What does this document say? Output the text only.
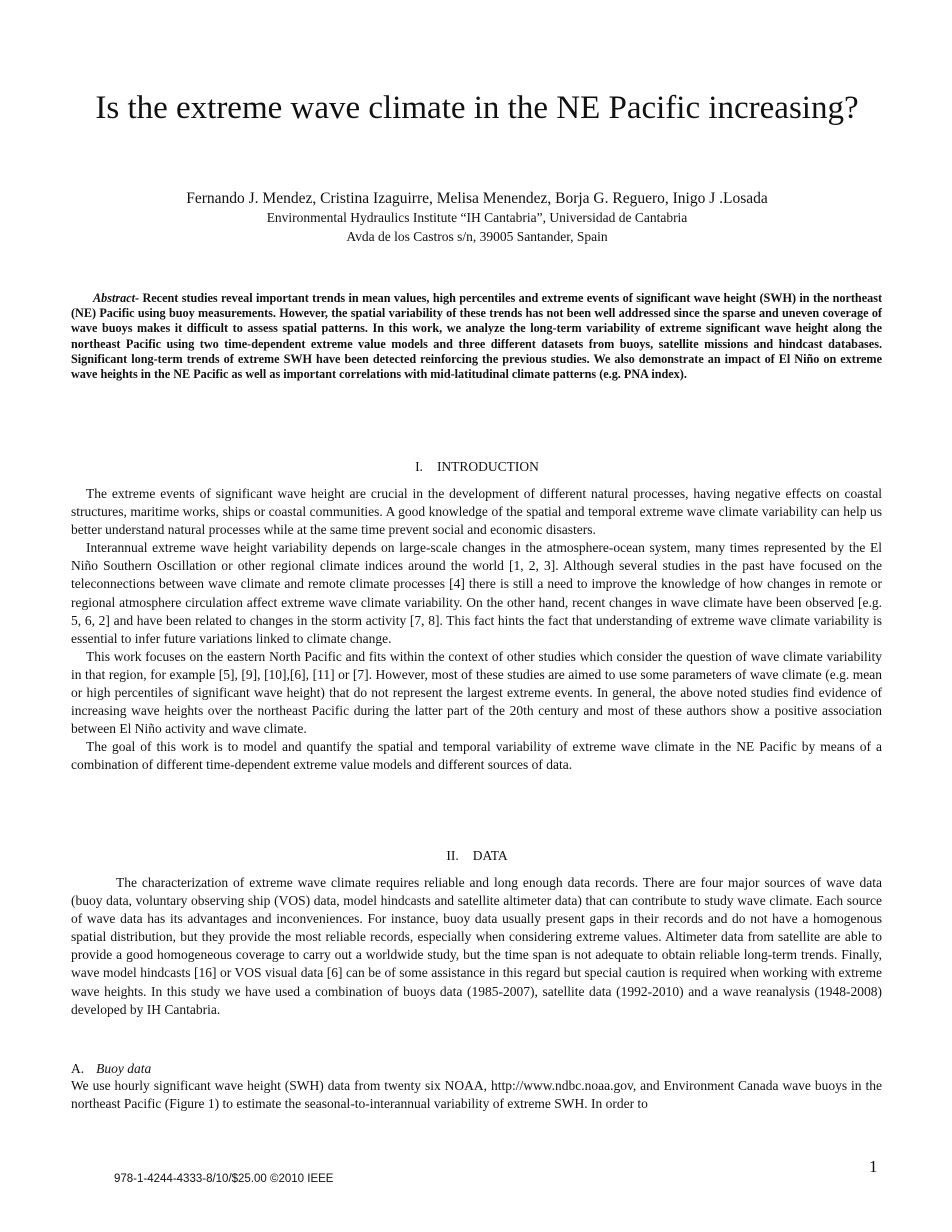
Is the extreme wave climate in the NE Pacific increasing?
Fernando J. Mendez, Cristina Izaguirre, Melisa Menendez, Borja G. Reguero, Inigo J .Losada
Environmental Hydraulics Institute “IH Cantabria”, Universidad de Cantabria
Avda de los Castros s/n, 39005 Santander, Spain
Abstract- Recent studies reveal important trends in mean values, high percentiles and extreme events of significant wave height (SWH) in the northeast (NE) Pacific using buoy measurements. However, the spatial variability of these trends has not been well addressed since the sparse and uneven coverage of wave buoys makes it difficult to assess spatial patterns. In this work, we analyze the long-term variability of extreme significant wave height along the northeast Pacific using two time-dependent extreme value models and three different datasets from buoys, satellite missions and hindcast databases. Significant long-term trends of extreme SWH have been detected reinforcing the previous studies. We also demonstrate an impact of El Niño on extreme wave heights in the NE Pacific as well as important correlations with mid-latitudinal climate patterns (e.g. PNA index).
I. INTRODUCTION

The extreme events of significant wave height are crucial in the development of different natural processes, having negative effects on coastal structures, maritime works, ships or coastal communities. A good knowledge of the spatial and temporal extreme wave climate variability can help us better understand natural processes while at the same time prevent social and economic disasters.

Interannual extreme wave height variability depends on large-scale changes in the atmosphere-ocean system, many times represented by the El Niño Southern Oscillation or other regional climate indices around the world [1, 2, 3]. Although several studies in the past have focused on the teleconnections between wave climate and remote climate processes [4] there is still a need to improve the knowledge of how changes in remote or regional atmosphere circulation affect extreme wave climate variability. On the other hand, recent changes in wave climate have been observed [e.g. 5, 6, 2] and have been related to changes in the storm activity [7, 8]. This fact hints the fact that understanding of extreme wave climate variability is essential to infer future variations linked to climate change.

This work focuses on the eastern North Pacific and fits within the context of other studies which consider the question of wave climate variability in that region, for example [5], [9], [10],[6], [11] or [7]. However, most of these studies are aimed to use some parameters of wave climate (e.g. mean or high percentiles of significant wave height) that do not represent the largest extreme events. In general, the above noted studies find evidence of increasing wave heights over the northeast Pacific during the latter part of the 20th century and most of these authors show a positive association between El Niño activity and wave climate.

The goal of this work is to model and quantify the spatial and temporal variability of extreme wave climate in the NE Pacific by means of a combination of different time-dependent extreme value models and different sources of data.

II. DATA

The characterization of extreme wave climate requires reliable and long enough data records. There are four major sources of wave data (buoy data, voluntary observing ship (VOS) data, model hindcasts and satellite altimeter data) that can contribute to study wave climate. Each source of wave data has its advantages and inconveniences. For instance, buoy data usually present gaps in their records and do not have a homogenous spatial distribution, but they provide the most reliable records, especially when considering extreme values. Altimeter data from satellite are able to provide a good homogeneous coverage to carry out a worldwide study, but the time span is not adequate to obtain reliable long-term trends. Finally, wave model hindcasts [16] or VOS visual data [6] can be of some assistance in this regard but special caution is required when working with extreme wave heights. In this study we have used a combination of buoys data (1985-2007), satellite data (1992-2010) and a wave reanalysis (1948-2008) developed by IH Cantabria.

A. Buoy data

We use hourly significant wave height (SWH) data from twenty six NOAA, http://www.ndbc.noaa.gov, and Environment Canada wave buoys in the northeast Pacific (Figure 1) to estimate the seasonal-to-interannual variability of extreme SWH. In order to

1
978-1-4244-4333-8/10/$25.00 ©2010 IEEE
